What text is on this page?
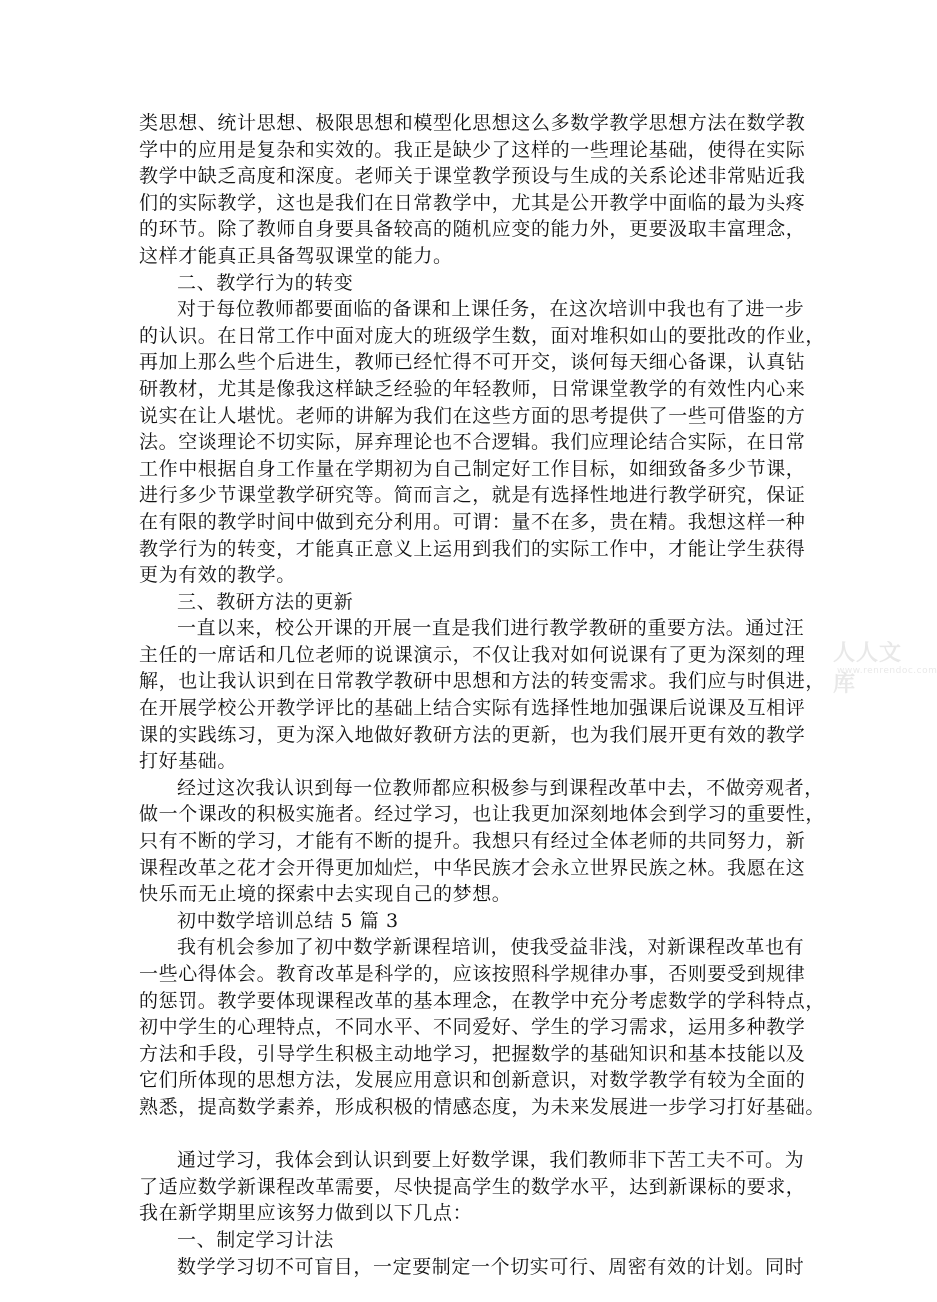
类思想、统计思想、极限思想和模型化思想这么多数学教学思想方法在数学教
学中的应用是复杂和实效的。我正是缺少了这样的一些理论基础，使得在实际
教学中缺乏高度和深度。老师关于课堂教学预设与生成的关系论述非常贴近我
们的实际教学，这也是我们在日常教学中，尤其是公开教学中面临的最为头疼
的环节。除了教师自身要具备较高的随机应变的能力外，更要汲取丰富理念，
这样才能真正具备驾驭课堂的能力。
二、教学行为的转变
对于每位教师都要面临的备课和上课任务，在这次培训中我也有了进一步
的认识。在日常工作中面对庞大的班级学生数，面对堆积如山的要批改的作业，
再加上那么些个后进生，教师已经忙得不可开交，谈何每天细心备课，认真钻
研教材，尤其是像我这样缺乏经验的年轻教师，日常课堂教学的有效性内心来
说实在让人堪忧。老师的讲解为我们在这些方面的思考提供了一些可借鉴的方
法。空谈理论不切实际，屏弃理论也不合逻辑。我们应理论结合实际，在日常
工作中根据自身工作量在学期初为自己制定好工作目标，如细致备多少节课，
进行多少节课堂教学研究等。简而言之，就是有选择性地进行教学研究，保证
在有限的教学时间中做到充分利用。可谓：量不在多，贵在精。我想这样一种
教学行为的转变，才能真正意义上运用到我们的实际工作中，才能让学生获得
更为有效的教学。
三、教研方法的更新
一直以来，校公开课的开展一直是我们进行教学教研的重要方法。通过汪
主任的一席话和几位老师的说课演示，不仅让我对如何说课有了更为深刻的理
解，也让我认识到在日常教学教研中思想和方法的转变需求。我们应与时俱进，
在开展学校公开教学评比的基础上结合实际有选择性地加强课后说课及互相评
课的实践练习，更为深入地做好教研方法的更新，也为我们展开更有效的教学
打好基础。
经过这次我认识到每一位教师都应积极参与到课程改革中去，不做旁观者，
做一个课改的积极实施者。经过学习，也让我更加深刻地体会到学习的重要性，
只有不断的学习，才能有不断的提升。我想只有经过全体老师的共同努力，新
课程改革之花才会开得更加灿烂，中华民族才会永立世界民族之林。我愿在这
快乐而无止境的探索中去实现自己的梦想。
初中数学培训总结 5 篇 3
我有机会参加了初中数学新课程培训，使我受益非浅，对新课程改革也有
一些心得体会。教育改革是科学的，应该按照科学规律办事，否则要受到规律
的惩罚。教学要体现课程改革的基本理念，在教学中充分考虑数学的学科特点，
初中学生的心理特点，不同水平、不同爱好、学生的学习需求，运用多种教学
方法和手段，引导学生积极主动地学习，把握数学的基础知识和基本技能以及
它们所体现的思想方法，发展应用意识和创新意识，对数学教学有较为全面的
熟悉，提高数学素养，形成积极的情感态度，为未来发展进一步学习打好基础。
通过学习，我体会到认识到要上好数学课，我们教师非下苦工夫不可。为
了适应数学新课程改革需要，尽快提高学生的数学水平，达到新课标的要求，
我在新学期里应该努力做到以下几点：
一、制定学习计法
数学学习切不可盲目，一定要制定一个切实可行、周密有效的计划。同时
人人文库
www.renrendoc.com
